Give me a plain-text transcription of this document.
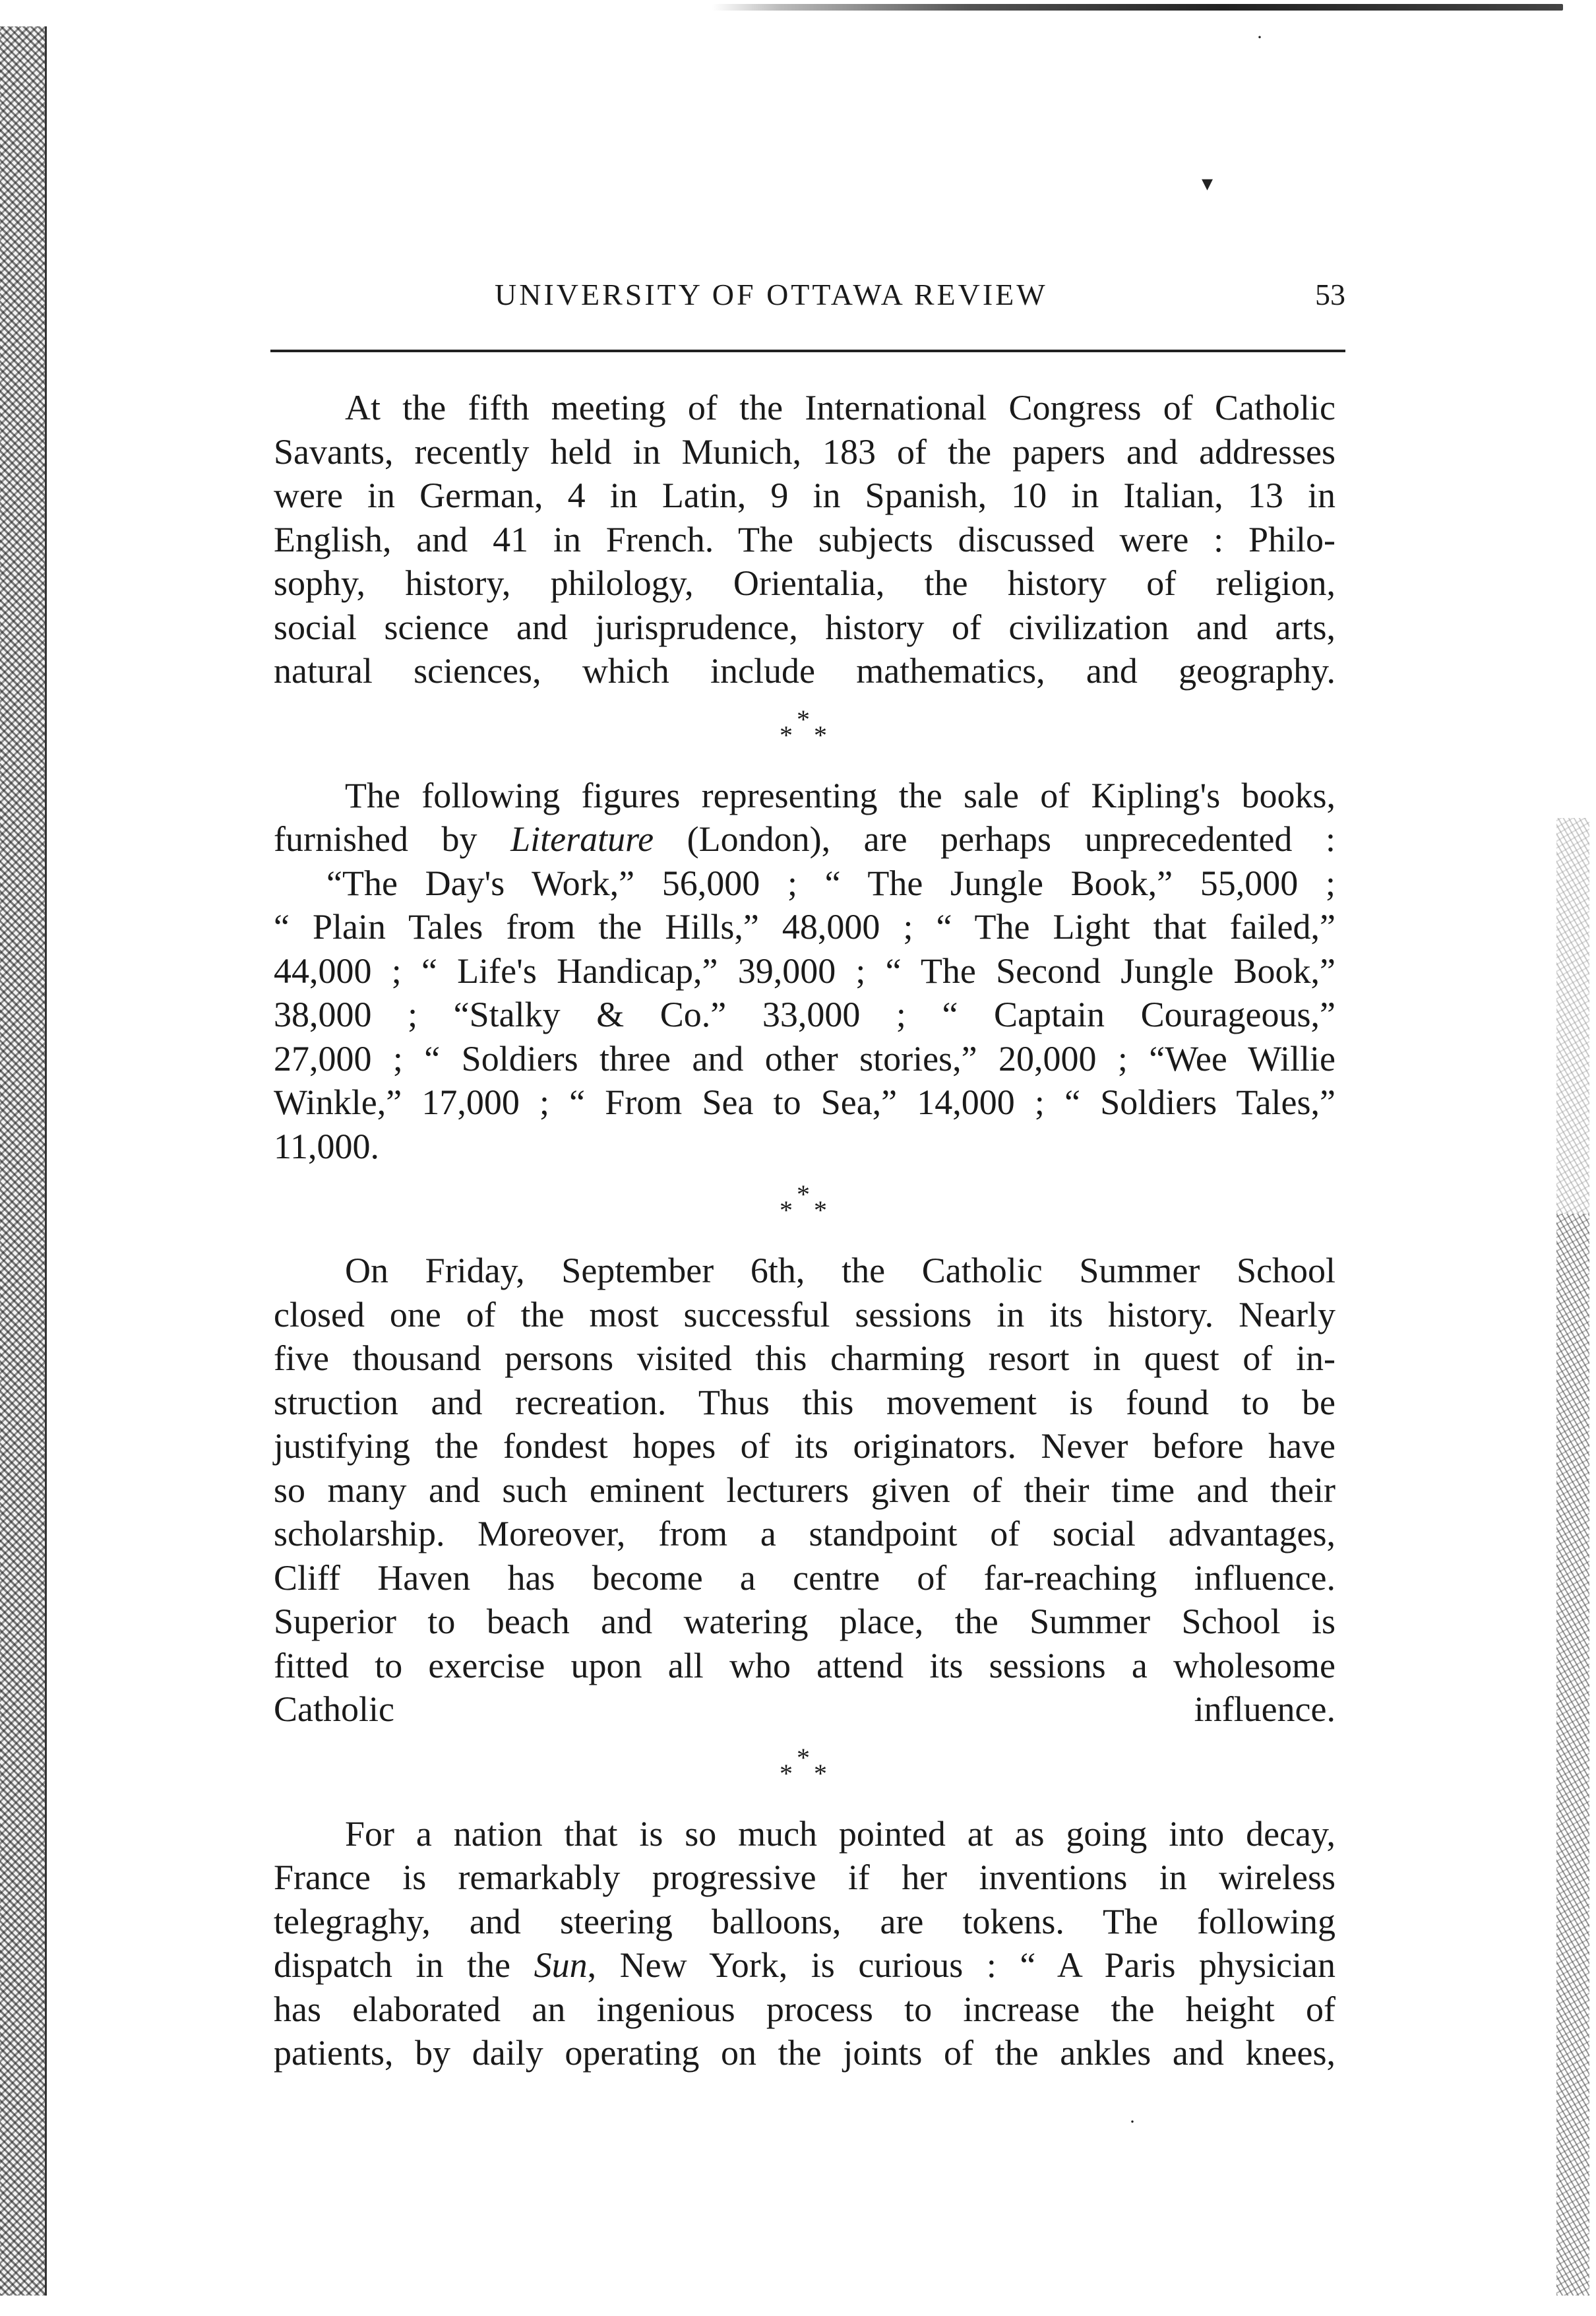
·
▾
·
UNIVERSITY OF OTTAWA REVIEW	53

At the fifth meeting of the International Congress of Catholic
Savants, recently held in Munich, 183 of the papers and addresses
were in German, 4 in Latin, 9 in Spanish, 10 in Italian, 13 in
English, and 41 in French. The subjects discussed were : Philo-
sophy, history, philology, Orientalia, the history of religion,
social science and jurisprudence, history of civilization and arts,
natural sciences, which include mathematics, and geography.

*
* *
The following figures representing the sale of Kipling's books,
furnished by Literature (London), are perhaps unprecedented :
“The Day's Work,” 56,000 ; “ The Jungle Book,” 55,000 ;
“ Plain Tales from the Hills,” 48,000 ; “ The Light that failed,”
44,000 ; “ Life's Handicap,” 39,000 ; “ The Second Jungle Book,”
38,000 ; “Stalky & Co.” 33,000 ; “ Captain Courageous,”
27,000 ; “ Soldiers three and other stories,” 20,000 ; “Wee Willie
Winkle,” 17,000 ; “ From Sea to Sea,” 14,000 ; “ Soldiers Tales,”
11,000.
*
* *

On Friday, September 6th, the Catholic Summer School
closed one of the most successful sessions in its history. Nearly
five thousand persons visited this charming resort in quest of in-
struction and recreation. Thus this movement is found to be
justifying the fondest hopes of its originators. Never before have
so many and such eminent lecturers given of their time and their
scholarship. Moreover, from a standpoint of social advantages,
Cliff Haven has become a centre of far-reaching influence.
Superior to beach and watering place, the Summer School is
fitted to exercise upon all who attend its sessions a wholesome
Catholic influence.

*
* *

For a nation that is so much pointed at as going into decay,
France is remarkably progressive if her inventions in wireless
telegraghy, and steering balloons, are tokens. The following
dispatch in the Sun, New York, is curious : “ A Paris physician
has elaborated an ingenious process to increase the height of
patients, by daily operating on the joints of the ankles and knees,
